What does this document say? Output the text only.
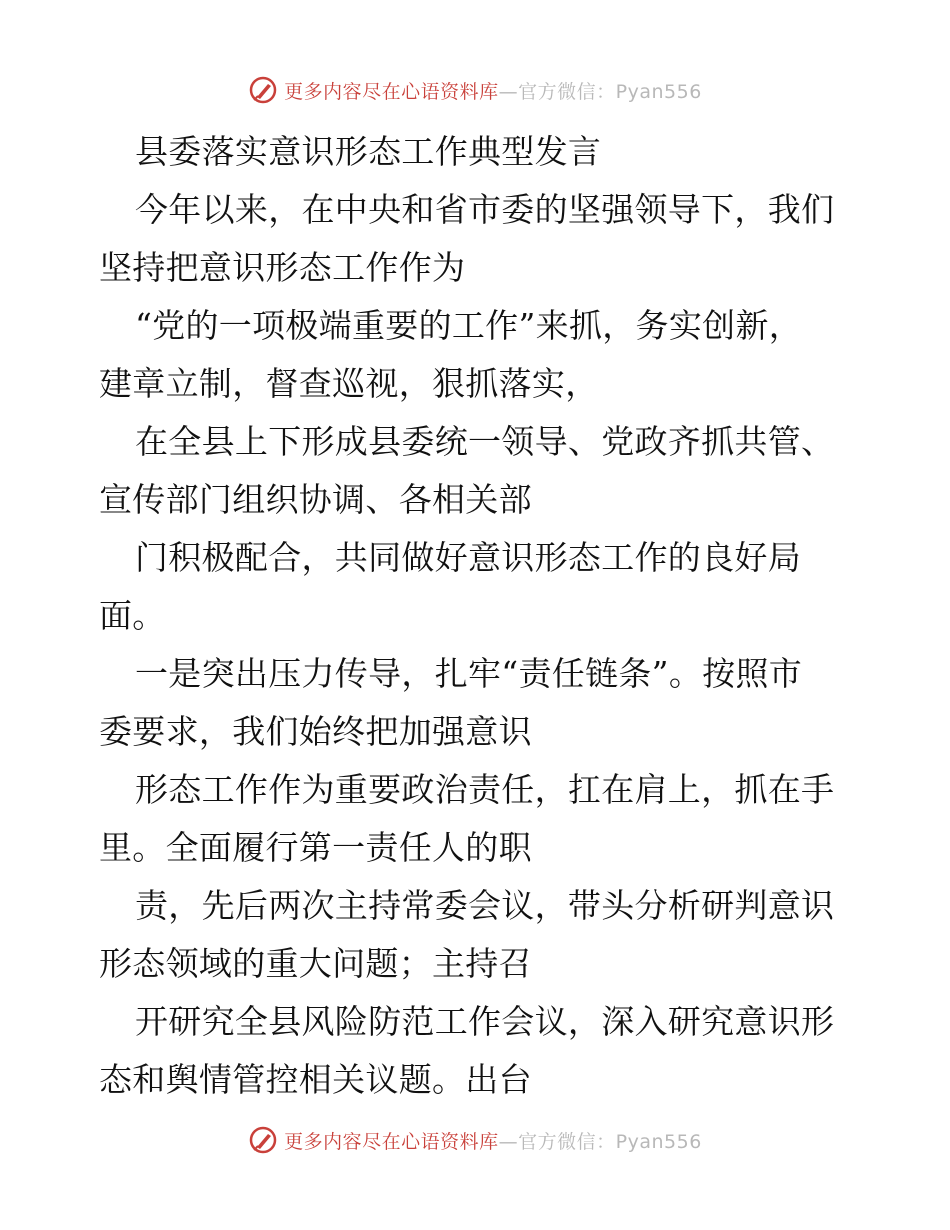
更多内容尽在心语资料库—官方微信：Pyan556
县委落实意识形态工作典型发言
今年以来，在中央和省市委的坚强领导下，我们
坚持把意识形态工作作为
“党的一项极端重要的工作”来抓，务实创新，
建章立制，督查巡视，狠抓落实，
在全县上下形成县委统一领导、党政齐抓共管、
宣传部门组织协调、各相关部
门积极配合，共同做好意识形态工作的良好局
面。
一是突出压力传导，扎牢“责任链条”。按照市
委要求，我们始终把加强意识
形态工作作为重要政治责任，扛在肩上，抓在手
里。全面履行第一责任人的职
责，先后两次主持常委会议，带头分析研判意识
形态领域的重大问题；主持召
开研究全县风险防范工作会议，深入研究意识形
态和舆情管控相关议题。出台
更多内容尽在心语资料库—官方微信：Pyan556
